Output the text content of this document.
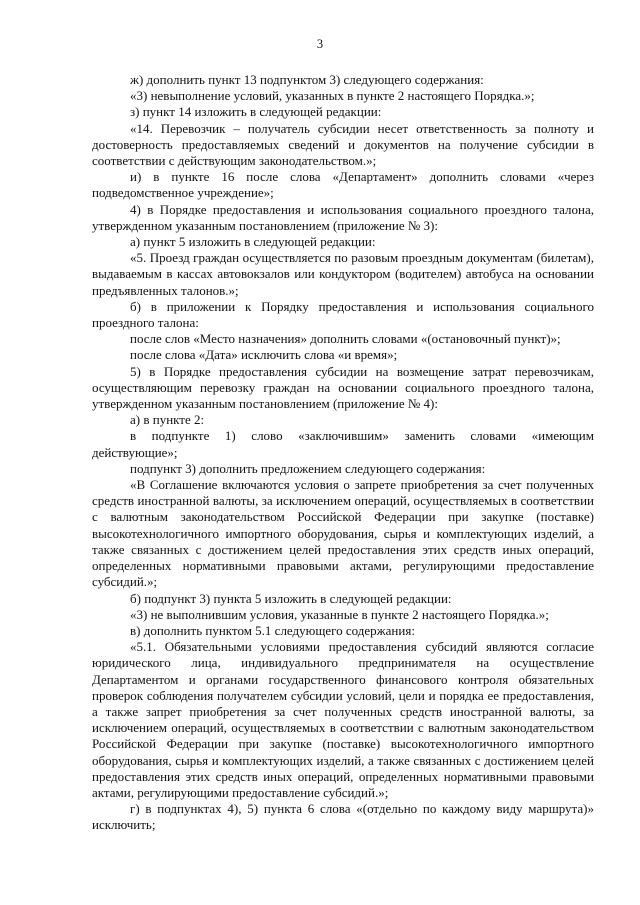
3

ж) дополнить пункт 13 подпунктом 3) следующего содержания:

«3) невыполнение условий, указанных в пункте 2 настоящего Порядка.»;

з) пункт 14 изложить в следующей редакции:

«14. Перевозчик – получатель субсидии несет ответственность за полноту и достоверность предоставляемых сведений и документов на получение субсидии в соответствии с действующим законодательством.»;

и) в пункте 16 после слова «Департамент» дополнить словами «через подведомственное учреждение»;

4) в Порядке предоставления и использования социального проездного талона, утвержденном указанным постановлением (приложение № 3):

а) пункт 5 изложить в следующей редакции:

«5. Проезд граждан осуществляется по разовым проездным документам (билетам), выдаваемым в кассах автовокзалов или кондуктором (водителем) автобуса на основании предъявленных талонов.»;

б) в приложении к Порядку предоставления и использования социального проездного талона:

после слов «Место назначения» дополнить словами «(остановочный пункт)»;

после слова «Дата» исключить слова «и время»;

5) в Порядке предоставления субсидии на возмещение затрат перевозчикам, осуществляющим перевозку граждан на основании социального проездного талона, утвержденном указанным постановлением (приложение № 4):

а) в пункте 2:

в подпункте 1) слово «заключившим» заменить словами «имеющим действующие»;

подпункт 3) дополнить предложением следующего содержания:

«В Соглашение включаются условия о запрете приобретения за счет полученных средств иностранной валюты, за исключением операций, осуществляемых в соответствии с валютным законодательством Российской Федерации при закупке (поставке) высокотехнологичного импортного оборудования, сырья и комплектующих изделий, а также связанных с достижением целей предоставления этих средств иных операций, определенных нормативными правовыми актами, регулирующими предоставление субсидий.»;

б) подпункт 3) пункта 5 изложить в следующей редакции:

«3) не выполнившим условия, указанные в пункте 2 настоящего Порядка.»;

в) дополнить пунктом 5.1 следующего содержания:

«5.1. Обязательными условиями предоставления субсидий являются согласие юридического лица, индивидуального предпринимателя на осуществление Департаментом и органами государственного финансового контроля обязательных проверок соблюдения получателем субсидии условий, цели и порядка ее предоставления, а также запрет приобретения за счет полученных средств иностранной валюты, за исключением операций, осуществляемых в соответствии с валютным законодательством Российской Федерации при закупке (поставке) высокотехнологичного импортного оборудования, сырья и комплектующих изделий, а также связанных с достижением целей предоставления этих средств иных операций, определенных нормативными правовыми актами, регулирующими предоставление субсидий.»;

г) в подпунктах 4), 5) пункта 6 слова «(отдельно по каждому виду маршрута)» исключить;
